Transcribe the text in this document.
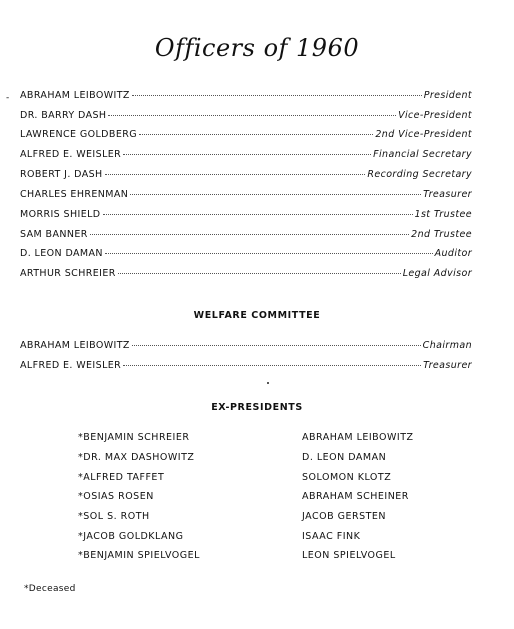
Officers of 1960
- ABRAHAM LEIBOWITZ	President
DR. BARRY DASH	Vice-President
LAWRENCE GOLDBERG	2nd Vice-President
ALFRED E. WEISLER	Financial Secretary
ROBERT J. DASH	Recording Secretary
CHARLES EHRENMAN	Treasurer
MORRIS SHIELD	1st Trustee
SAM BANNER	2nd Trustee
D. LEON DAMAN	Auditor
ARTHUR SCHREIER	Legal Advisor
WELFARE COMMITTEE
ABRAHAM LEIBOWITZ	Chairman
ALFRED E. WEISLER	Treasurer
EX-PRESIDENTS
*BENJAMIN SCHREIER
*DR. MAX DASHOWITZ
*ALFRED TAFFET
*OSIAS ROSEN
*SOL S. ROTH
*JACOB GOLDKLANG
*BENJAMIN SPIELVOGEL
ABRAHAM LEIBOWITZ
D. LEON DAMAN
SOLOMON KLOTZ
ABRAHAM SCHEINER
JACOB GERSTEN
ISAAC FINK
LEON SPIELVOGEL
*Deceased
